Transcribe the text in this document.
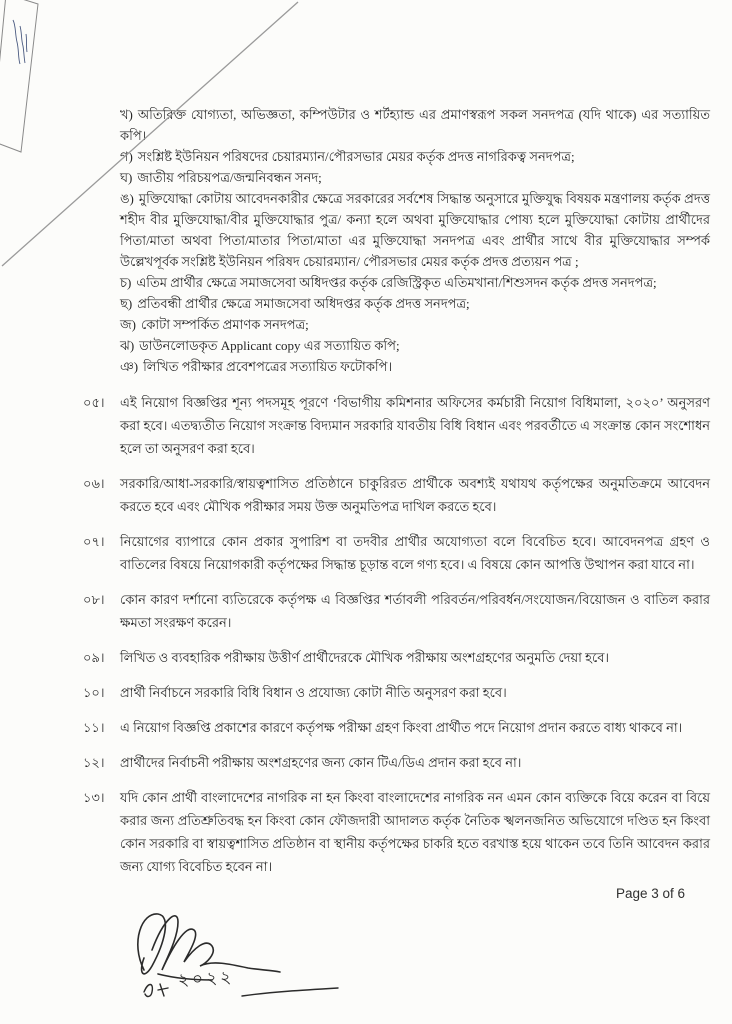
খ) অতিরিক্ত যোগ্যতা, অভিজ্ঞতা, কম্পিউটার ও শর্টহ্যান্ড এর প্রমাণস্বরূপ সকল সনদপত্র (যদি থাকে) এর সত্যায়িত কপি।

গ) সংশ্লিষ্ট ইউনিয়ন পরিষদের চেয়ারম্যান/পৌরসভার মেয়র কর্তৃক প্রদত্ত নাগরিকত্ব সনদপত্র;

ঘ) জাতীয় পরিচয়পত্র/জন্মনিবন্ধন সনদ;

ঙ) মুক্তিযোদ্ধা কোটায় আবেদনকারীর ক্ষেত্রে সরকারের সর্বশেষ সিদ্ধান্ত অনুসারে মুক্তিযুদ্ধ বিষয়ক মন্ত্রণালয় কর্তৃক প্রদত্ত শহীদ বীর মুক্তিযোদ্ধা/বীর মুক্তিযোদ্ধার পুত্র/ কন্যা হলে অথবা মুক্তিযোদ্ধার পোষ্য হলে মুক্তিযোদ্ধা কোটায় প্রার্থীদের পিতা/মাতা অথবা পিতা/মাতার পিতা/মাতা এর মুক্তিযোদ্ধা সনদপত্র এবং প্রার্থীর সাথে বীর মুক্তিযোদ্ধার সম্পর্ক উল্লেখপূর্বক সংশ্লিষ্ট ইউনিয়ন পরিষদ চেয়ারম্যান/ পৌরসভার মেয়র কর্তৃক প্রদত্ত প্রত্যয়ন পত্র ;

চ) এতিম প্রার্থীর ক্ষেত্রে সমাজসেবা অধিদপ্তর কর্তৃক রেজিস্ট্রিকৃত এতিমখানা/শিশুসদন কর্তৃক প্রদত্ত সনদপত্র;

ছ) প্রতিবন্ধী প্রার্থীর ক্ষেত্রে সমাজসেবা অধিদপ্তর কর্তৃক প্রদত্ত সনদপত্র;

জ) কোটা সম্পর্কিত প্রমাণক সনদপত্র;

ঝ) ডাউনলোডকৃত Applicant copy এর সত্যায়িত কপি;

ঞ) লিখিত পরীক্ষার প্রবেশপত্রের সত্যায়িত ফটোকপি।

০৫।	এই নিয়োগ বিজ্ঞপ্তির শূন্য পদসমূহ পূরণে ‘বিভাগীয় কমিশনার অফিসের কর্মচারী নিয়োগ বিধিমালা, ২০২০’ অনুসরণ করা হবে। এতদ্ব্যতীত নিয়োগ সংক্রান্ত বিদ্যমান সরকারি যাবতীয় বিধি বিধান এবং পরবর্তীতে এ সংক্রান্ত কোন সংশোধন হলে তা অনুসরণ করা হবে।
০৬।	সরকারি/আধা-সরকারি/স্বায়ত্বশাসিত প্রতিষ্ঠানে চাকুরিরত প্রার্থীকে অবশ্যই যথাযথ কর্তৃপক্ষের অনুমতিক্রমে আবেদন করতে হবে এবং মৌখিক পরীক্ষার সময় উক্ত অনুমতিপত্র দাখিল করতে হবে।
০৭।	নিয়োগের ব্যাপারে কোন প্রকার সুপারিশ বা তদবীর প্রার্থীর অযোগ্যতা বলে বিবেচিত হবে। আবেদনপত্র গ্রহণ ও বাতিলের বিষয়ে নিয়োগকারী কর্তৃপক্ষের সিদ্ধান্ত চূড়ান্ত বলে গণ্য হবে। এ বিষয়ে কোন আপত্তি উত্থাপন করা যাবে না।
০৮।	কোন কারণ দর্শানো ব্যতিরেকে কর্তৃপক্ষ এ বিজ্ঞপ্তির শর্তাবলী পরিবর্তন/পরিবর্ধন/সংযোজন/বিয়োজন ও বাতিল করার ক্ষমতা সংরক্ষণ করেন।
০৯।	লিখিত ও ব্যবহারিক পরীক্ষায় উত্তীর্ণ প্রার্থীদেরকে মৌখিক পরীক্ষায় অংশগ্রহণের অনুমতি দেয়া হবে।
১০।	প্রার্থী নির্বাচনে সরকারি বিধি বিধান ও প্রযোজ্য কোটা নীতি অনুসরণ করা হবে।
১১।	এ নিয়োগ বিজ্ঞপ্তি প্রকাশের কারণে কর্তৃপক্ষ পরীক্ষা গ্রহণ কিংবা প্রার্থীত পদে নিয়োগ প্রদান করতে বাধ্য থাকবে না।
১২।	প্রার্থীদের নির্বাচনী পরীক্ষায় অংশগ্রহণের জন্য কোন টিএ/ডিএ প্রদান করা হবে না।
১৩।	যদি কোন প্রার্থী বাংলাদেশের নাগরিক না হন কিংবা বাংলাদেশের নাগরিক নন এমন কোন ব্যক্তিকে বিয়ে করেন বা বিয়ে করার জন্য প্রতিশ্রুতিবদ্ধ হন কিংবা কোন ফৌজদারী আদালত কর্তৃক নৈতিক স্খলনজনিত অভিযোগে দণ্ডিত হন কিংবা কোন সরকারি বা স্বায়ত্বশাসিত প্রতিষ্ঠান বা স্থানীয় কর্তৃপক্ষের চাকরি হতে বরখাস্ত হয়ে থাকেন তবে তিনি আবেদন করার জন্য যোগ্য বিবেচিত হবেন না।
২০২২
Page 3 of 6
